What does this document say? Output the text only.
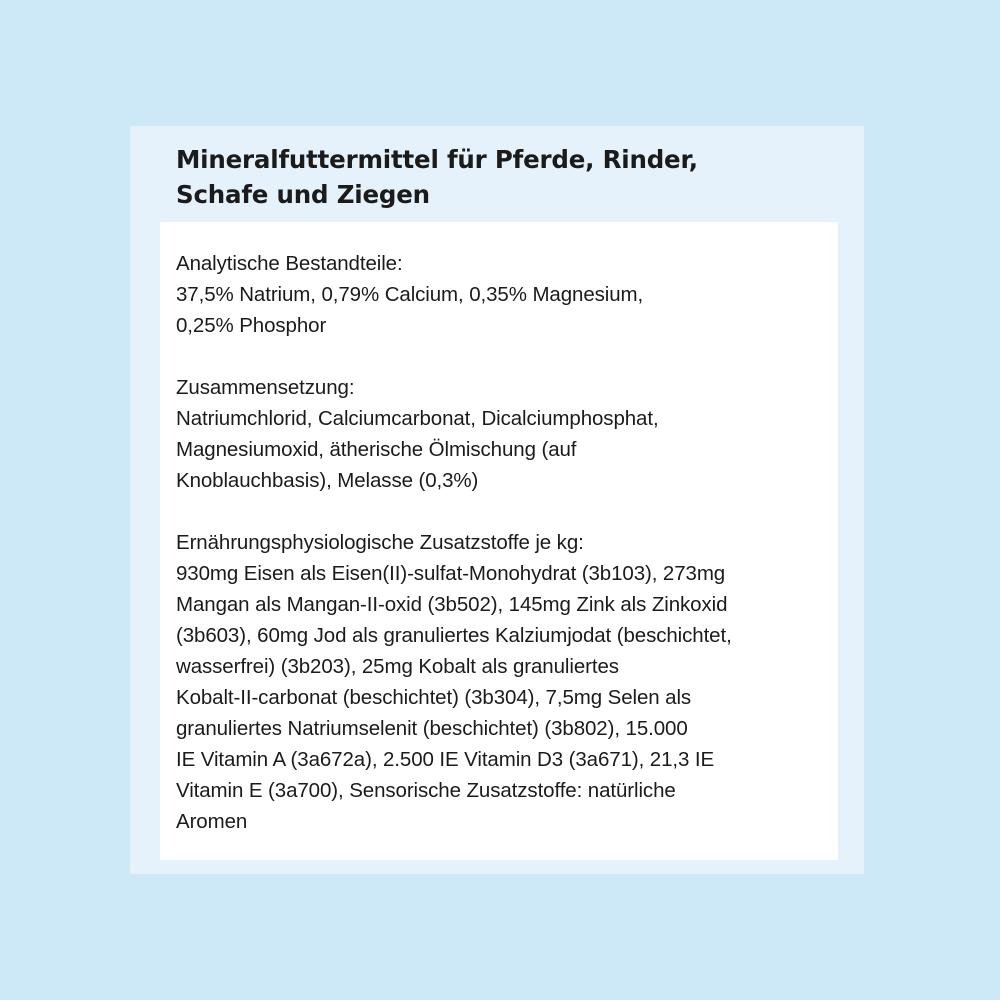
Mineralfuttermittel für Pferde, Rinder,
Schafe und Ziegen

Analytische Bestandteile:

37,5% Natrium, 0,79% Calcium, 0,35% Magnesium,

0,25% Phosphor

Zusammensetzung:

Natriumchlorid, Calciumcarbonat, Dicalciumphosphat,

Magnesiumoxid, ätherische Ölmischung (auf

Knoblauchbasis), Melasse (0,3%)

Ernährungsphysiologische Zusatzstoffe je kg:

930mg Eisen als Eisen(II)-sulfat-Monohydrat (3b103), 273mg

Mangan als Mangan-II-oxid (3b502), 145mg Zink als Zinkoxid

(3b603), 60mg Jod als granuliertes Kalziumjodat (beschichtet,

wasserfrei) (3b203), 25mg Kobalt als granuliertes

Kobalt-II-carbonat (beschichtet) (3b304), 7,5mg Selen als

granuliertes Natriumselenit (beschichtet) (3b802), 15.000

IE Vitamin A (3a672a), 2.500 IE Vitamin D3 (3a671), 21,3 IE

Vitamin E (3a700), Sensorische Zusatzstoffe: natürliche

Aromen
